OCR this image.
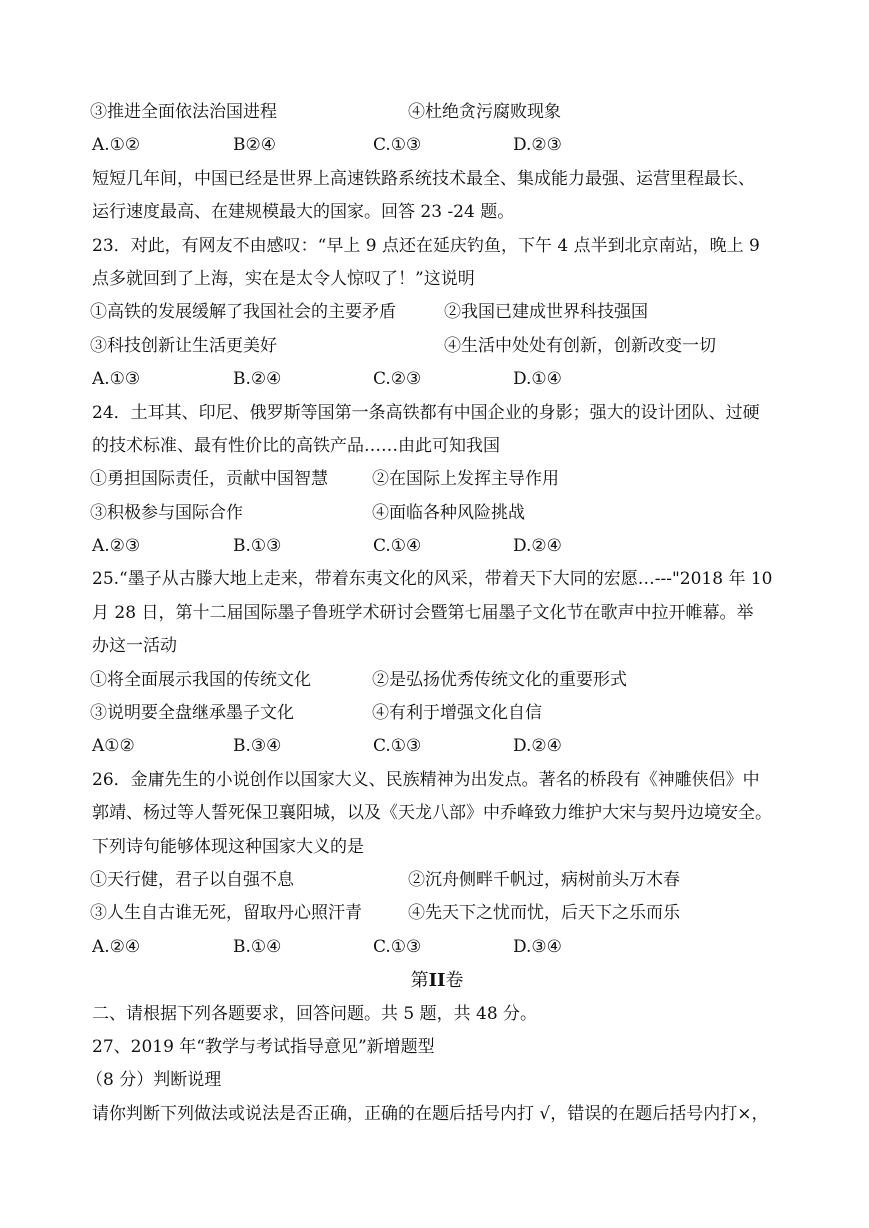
③推进全面依法治国进程	④杜绝贪污腐败现象
A.①②	B②④	C.①③	D.②③
短短几年间，中国已经是世界上高速铁路系统技术最全、集成能力最强、运营里程最长、
运行速度最高、在建规模最大的国家。回答 23 -24 题。
23．对此，有网友不由感叹：“早上 9 点还在延庆钓鱼，下午 4 点半到北京南站，晚上 9
点多就回到了上海，实在是太令人惊叹了！”这说明
①高铁的发展缓解了我国社会的主要矛盾	②我国已建成世界科技强国
③科技创新让生活更美好	④生活中处处有创新，创新改变一切
A.①③	B.②④	C.②③	D.①④
24．土耳其、印尼、俄罗斯等国第一条高铁都有中国企业的身影；强大的设计团队、过硬
的技术标准、最有性价比的高铁产品……由此可知我国
①勇担国际责任，贡献中国智慧	②在国际上发挥主导作用
③积极参与国际合作	④面临各种风险挑战
A.②③	B.①③	C.①④	D.②④
25.“墨子从古滕大地上走来，带着东夷文化的风采，带着天下大同的宏愿…---"2018 年 10
月 28 日，第十二届国际墨子鲁班学术研讨会暨第七届墨子文化节在歌声中拉开帷幕。举
办这一活动
①将全面展示我国的传统文化	②是弘扬优秀传统文化的重要形式
③说明要全盘继承墨子文化	④有利于增强文化自信
A①②	B.③④	C.①③	D.②④
26．金庸先生的小说创作以国家大义、民族精神为出发点。著名的桥段有《神雕侠侣》中
郭靖、杨过等人誓死保卫襄阳城，以及《天龙八部》中乔峰致力维护大宋与契丹边境安全。
下列诗句能够体现这种国家大义的是
①天行健，君子以自强不息	②沉舟侧畔千帆过，病树前头万木春
③人生自古谁无死，留取丹心照汗青	④先天下之忧而忧，后天下之乐而乐
A.②④	B.①④	C.①③	D.③④
第II卷
二、请根据下列各题要求，回答问题。共 5 题，共 48 分。
27、2019 年“教学与考试指导意见”新增题型
（8 分）判断说理
请你判断下列做法或说法是否正确，正确的在题后括号内打 √，错误的在题后括号内打×，
